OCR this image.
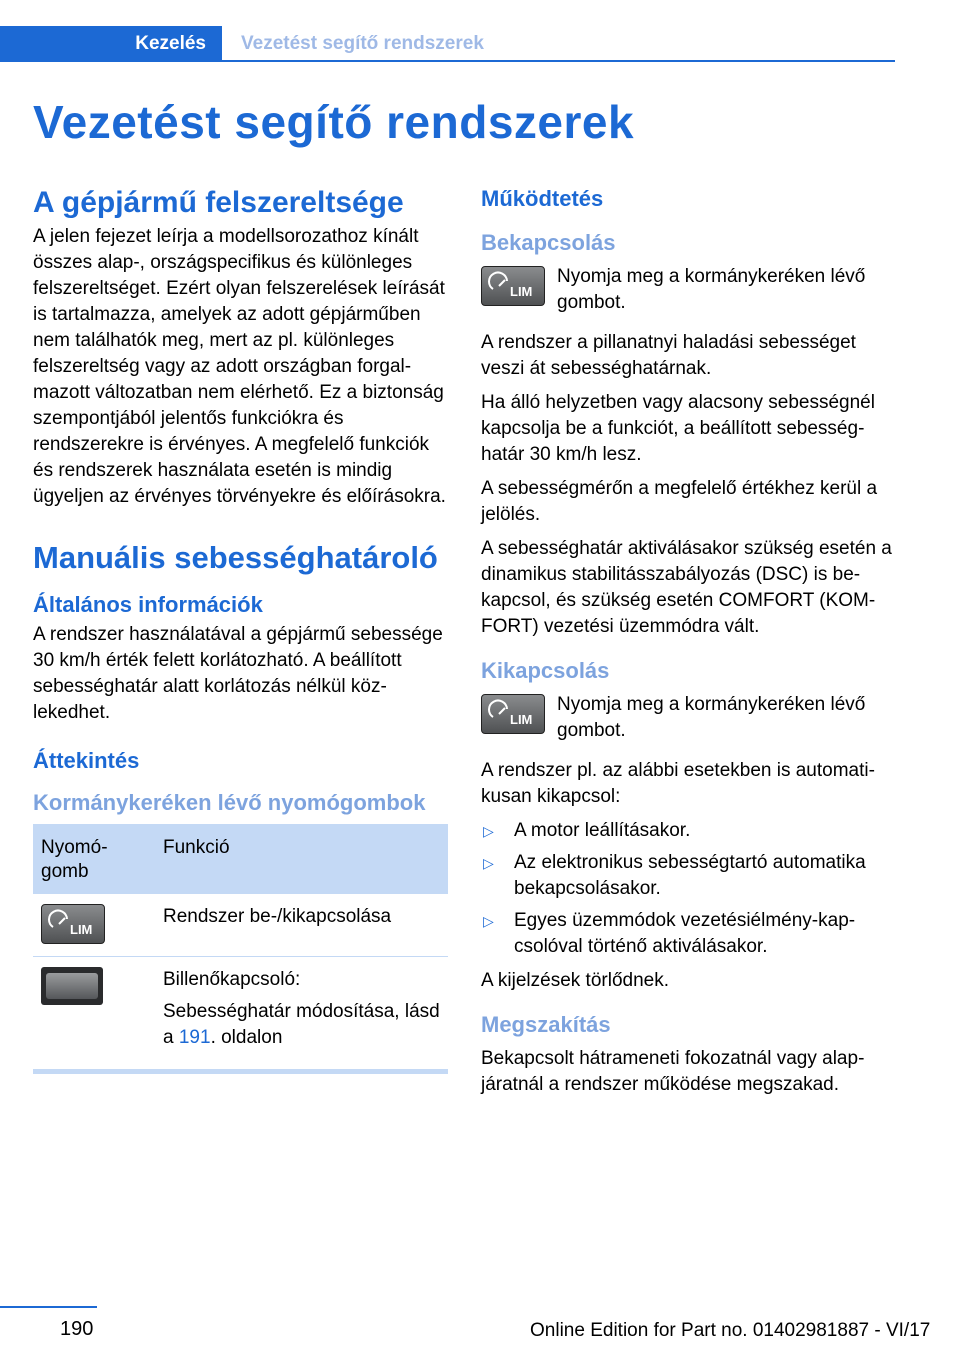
Kezelés	Vezetést segítő rendszerek
Vezetést segítő rendszerek
A gépjármű felszereltsége

A jelen fejezet leírja a modellsorozathoz kínált összes alap-, országspecifikus és különleges felszereltséget. Ezért olyan felszerelések leírását is tartalmazza, amelyek az adott gépjárműben nem találhatók meg, mert az pl. különleges felszereltség vagy az adott országban forgalmazott változatban nem elérhető. Ez a biztonság szempontjából jelentős funkciókra és rendszerekre is érvényes. A megfelelő funkciók és rendszerek használata esetén is mindig ügyeljen az érvényes törvényekre és előírásokra.

Manuális sebességhatároló
Általános információk

A rendszer használatával a gépjármű sebessége 30 km/h érték felett korlátozható. A beállított sebességhatár alatt korlátozás nélkül közlekedhet.

Áttekintés
Kormánykeréken lévő nyomógombok
Nyomógomb	Funkció

LIM	Rendszer be-/kikapcsolása

	Billenőkapcsoló:

Sebességhatár módosítása, lásd a 191. oldalon

Működtetés
Bekapcsolás
LIM

Nyomja meg a kormánykeréken lévő gombot.

A rendszer a pillanatnyi haladási sebességet veszi át sebességhatárnak.

Ha álló helyzetben vagy alacsony sebességnél kapcsolja be a funkciót, a beállított sebességhatár 30 km/h lesz.

A sebességmérőn a megfelelő értékhez kerül a jelölés.

A sebességhatár aktiválásakor szükség esetén a dinamikus stabilitásszabályozás (DSC) is bekapcsol, és szükség esetén COMFORT (KOMFORT) vezetési üzemmódra vált.

Kikapcsolás
LIM

Nyomja meg a kormánykeréken lévő gombot.

A rendszer pl. az alábbi esetekben is automatikusan kikapcsol:

▷ A motor leállításakor.
▷ Az elektronikus sebességtartó automatika bekapcsolásakor.
▷ Egyes üzemmódok vezetésiélmény-kapcsolóval történő aktiválásakor.

A kijelzések törlődnek.

Megszakítás

Bekapcsolt hátrameneti fokozatnál vagy alapjáratnál a rendszer működése megszakad.

190	Online Edition for Part no. 01402981887 - VI/17
